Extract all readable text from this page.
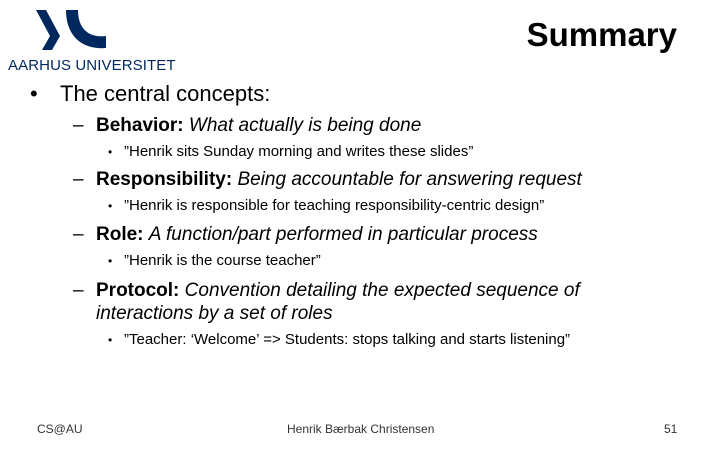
AARHUS UNIVERSITET
Summary
• The central concepts:
– Behavior: What actually is being done
• ”Henrik sits Sunday morning and writes these slides”
– Responsibility: Being accountable for answering request
• ”Henrik is responsible for teaching responsibility-centric design”
– Role: A function/part performed in particular process
• ”Henrik is the course teacher”
– Protocol: Convention detailing the expected sequence of
interactions by a set of roles
• ”Teacher: ‘Welcome’ => Students: stops talking and starts listening”
CS@AU	Henrik Bærbak Christensen	51
